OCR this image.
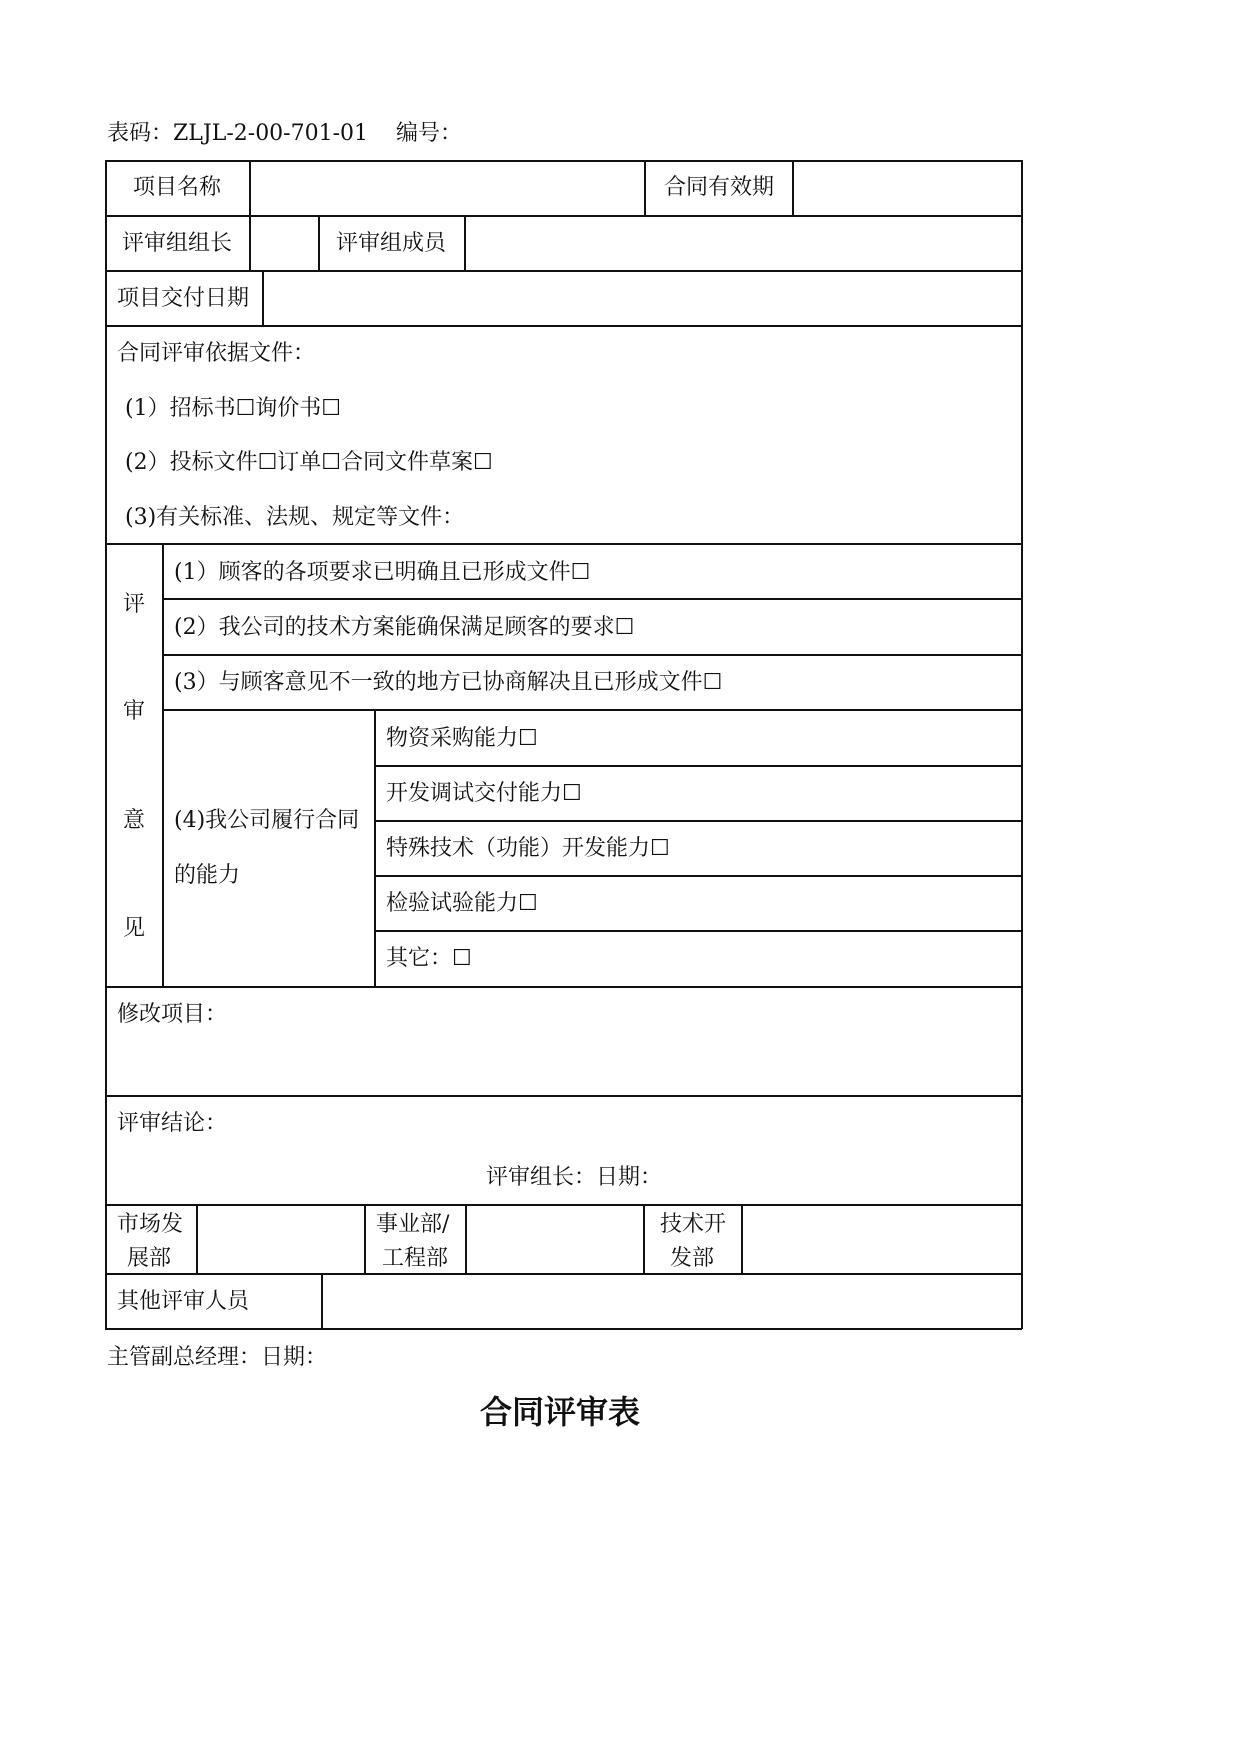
表码：ZLJL-2-00-701-01 编号：
项目名称	合同有效期
评审组组长	评审组成员
项目交付日期
合同评审依据文件：
(1）招标书☐询价书☐
(2）投标文件☐订单☐合同文件草案☐
(3)有关标准、法规、规定等文件：
评
审
意
见
(1）顾客的各项要求已明确且已形成文件☐
(2）我公司的技术方案能确保满足顾客的要求☐
(3）与顾客意见不一致的地方已协商解决且已形成文件☐
(4)我公司履行合同
的能力
物资采购能力☐
开发调试交付能力☐
特殊技术（功能）开发能力☐
检验试验能力☐
其它：☐
修改项目：
评审结论：
评审组长：日期：
市场发
展部
事业部/
工程部
技术开
发部
其他评审人员
主管副总经理：日期：
合同评审表
